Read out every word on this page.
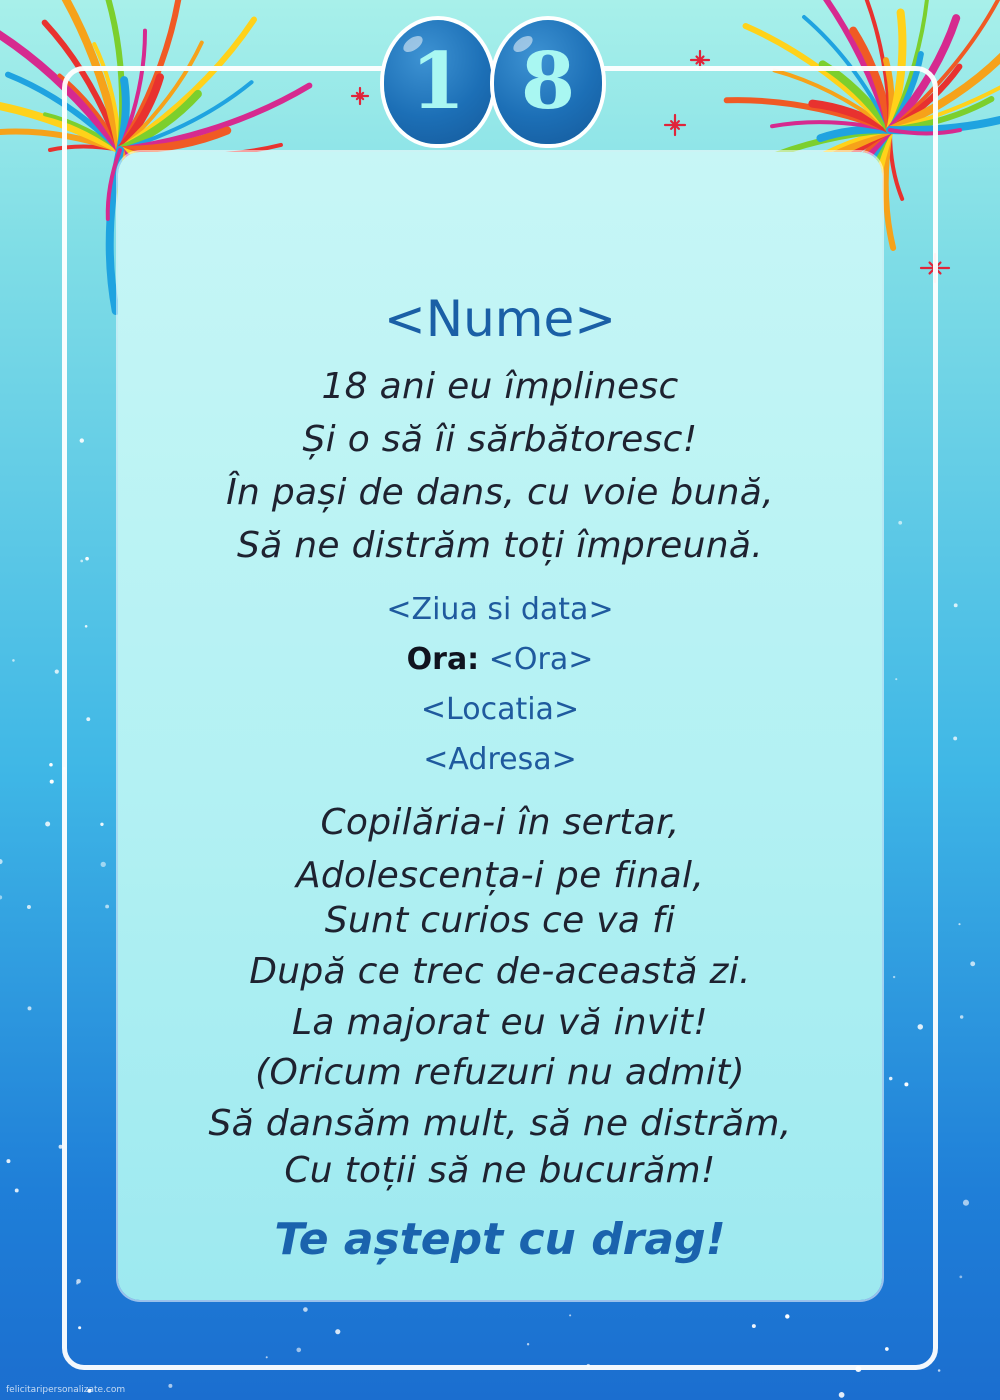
1 8
<Nume>
18 ani eu împlinesc
Și o să îi sărbătoresc!
În pași de dans, cu voie bună,
Să ne distrăm toți împreună.
<Ziua si data>
Ora: <Ora>
<Locatia>
<Adresa>
Copilăria-i în sertar,
Adolescența-i pe final,
Sunt curios ce va fi
După ce trec de-această zi.
La majorat eu vă invit!
(Oricum refuzuri nu admit)
Să dansăm mult, să ne distrăm,
Cu toții să ne bucurăm!
Te aștept cu drag!
felicitaripersonalizate.com
